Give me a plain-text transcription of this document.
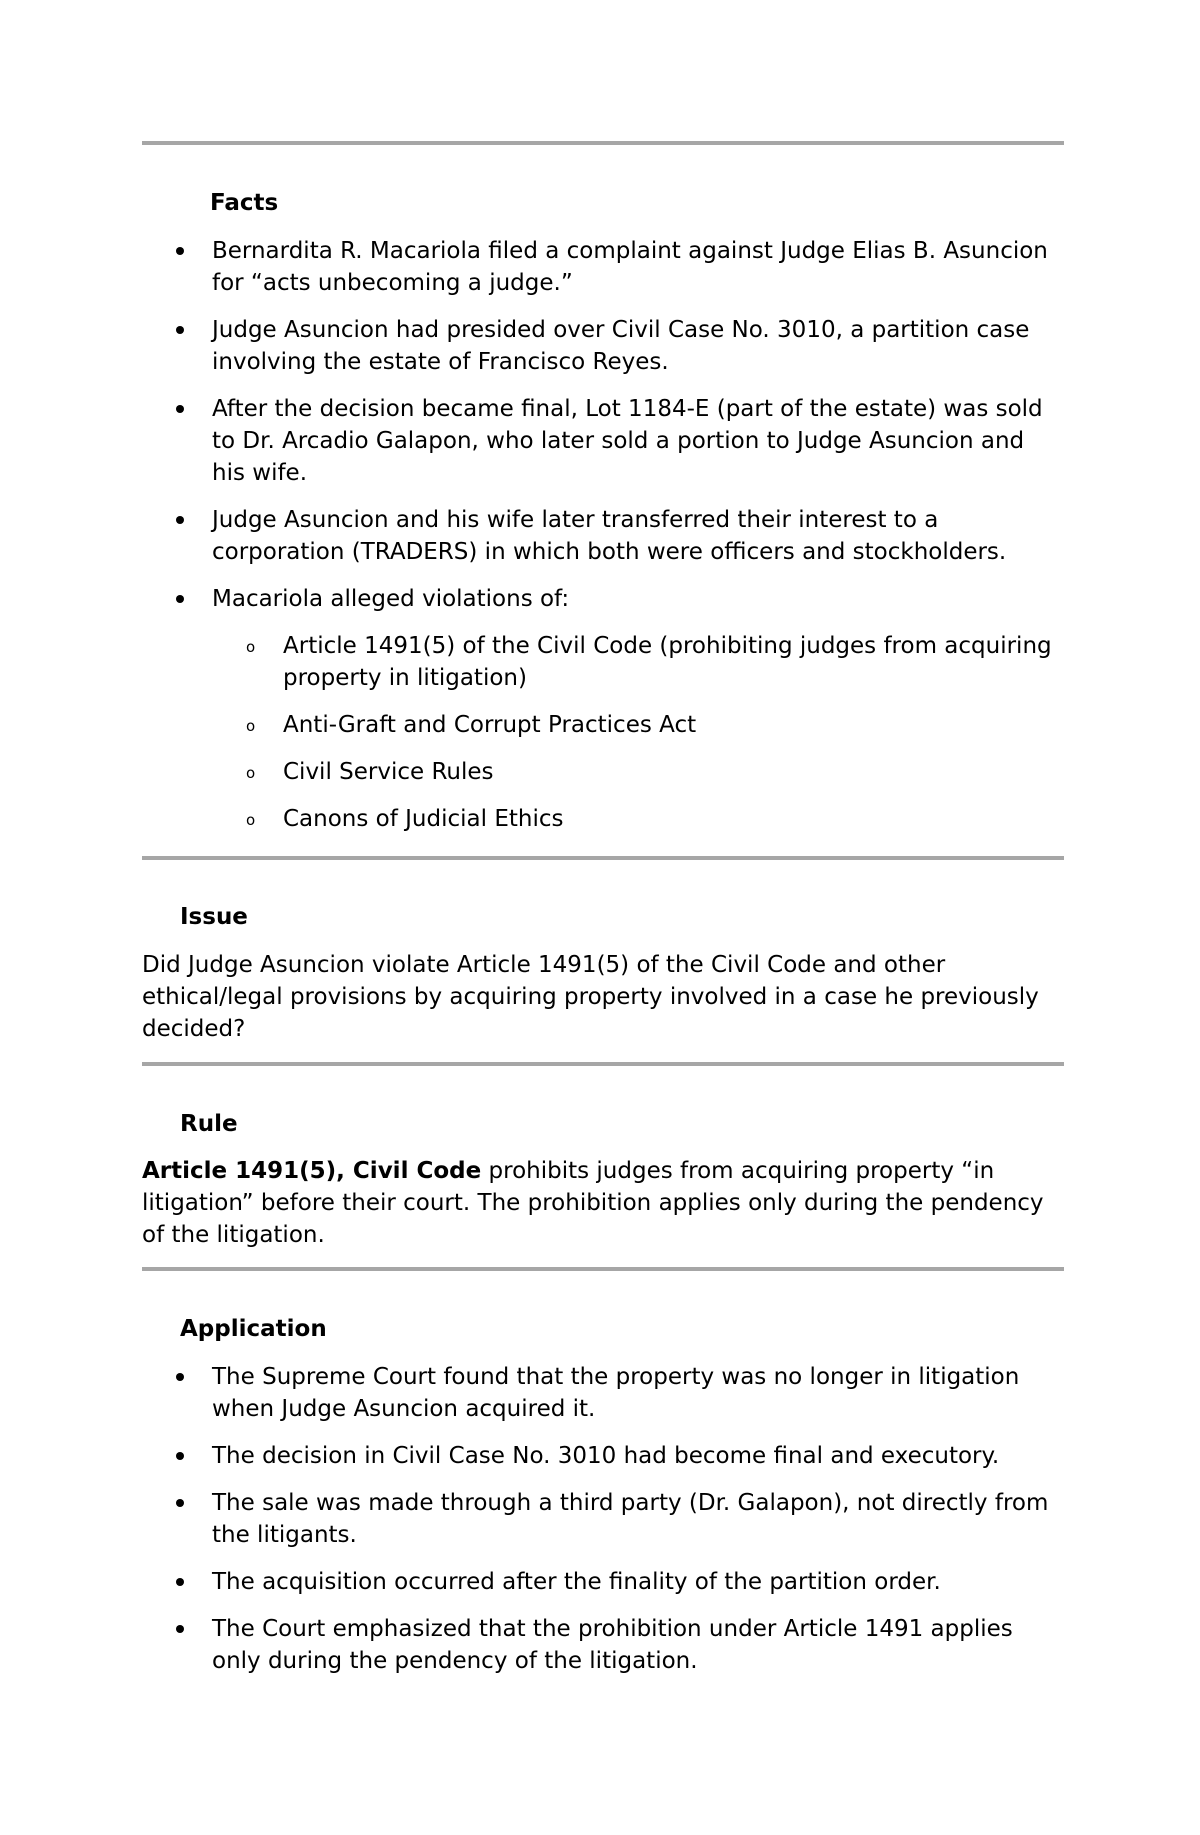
Facts
Bernardita R. Macariola filed a complaint against Judge Elias B. Asuncion for “acts unbecoming a judge.”
Judge Asuncion had presided over Civil Case No. 3010, a partition case involving the estate of Francisco Reyes.
After the decision became final, Lot 1184-E (part of the estate) was sold to Dr. Arcadio Galapon, who later sold a portion to Judge Asuncion and his wife.
Judge Asuncion and his wife later transferred their interest to a corporation (TRADERS) in which both were officers and stockholders.
Macariola alleged violations of:
o Article 1491(5) of the Civil Code (prohibiting judges from acquiring property in litigation)
o Anti-Graft and Corrupt Practices Act
o Civil Service Rules
o Canons of Judicial Ethics
Issue

Did Judge Asuncion violate Article 1491(5) of the Civil Code and other ethical/legal provisions by acquiring property involved in a case he previously decided?

Rule

Article 1491(5), Civil Code prohibits judges from acquiring property “in litigation” before their court. The prohibition applies only during the pendency of the litigation.

Application
The Supreme Court found that the property was no longer in litigation when Judge Asuncion acquired it.
The decision in Civil Case No. 3010 had become final and executory.
The sale was made through a third party (Dr. Galapon), not directly from the litigants.
The acquisition occurred after the finality of the partition order.
The Court emphasized that the prohibition under Article 1491 applies only during the pendency of the litigation.
